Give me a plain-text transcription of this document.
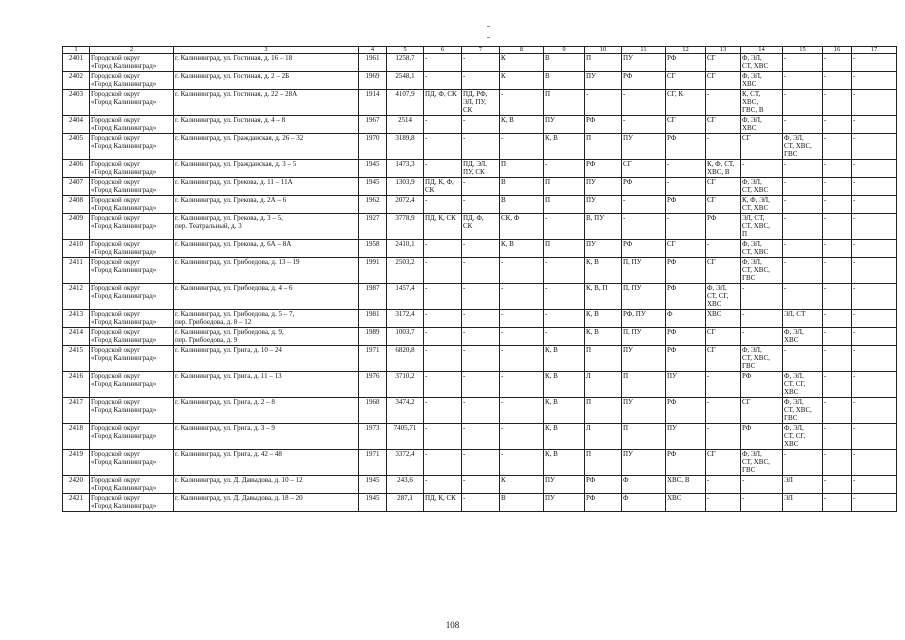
1	2	3	4	5	6	7	8	9	10	11	12	13	14	15	16	17
2401	Городской округ
«Город Калининград»	г. Калининград, ул. Гостиная, д. 16 – 18	1961	1258,7	-	-	К	В	П	ПУ	РФ	СГ	Ф, ЭЛ,
СТ, ХВС	-	-	-
2402	Городской округ
«Город Калининград»	г. Калининград, ул. Гостиная, д. 2 – 2Б	1969	2548,1	-	-	К	В	ПУ	РФ	СГ	СГ	Ф, ЭЛ,
ХВС	-	-	-
2403	Городской округ
«Город Калининград»	г. Калининград, ул. Гостиная, д. 22 – 28А	1914	4107,9	ПД, Ф, СК	ПД, РФ,
ЭЛ, ПУ,
СК	-	П	-	-	СГ, К	-	К, СТ,
ХВС,
ГВС, В	-	-	-
2404	Городской округ
«Город Калининград»	г. Калининград, ул. Гостиная, д. 4 – 8	1967	2514	-	-	К, В	ПУ	РФ	-	СГ	СГ	Ф, ЭЛ,
ХВС	-	-	-
2405	Городской округ
«Город Калининград»	г. Калининград, ул. Гражданская, д. 26 – 32	1970	3189,8	-	-	-	К, В	П	ПУ	РФ	-	СГ	Ф, ЭЛ,
СТ, ХВС,
ГВС	-	-
2406	Городской округ
«Город Калининград»	г. Калининград, ул. Гражданская, д. 3 – 5	1945	1473,3	-	ПД, ЭЛ,
ПУ, СК	П	-	РФ	СГ	-	К, Ф, СТ,
ХВС, В	-	-	-	-
2407	Городской округ
«Город Калининград»	г. Калининград, ул. Грекова, д. 11 – 11А	1945	1303,9	ПД, К, Ф,
СК	-	В	П	ПУ	РФ	-	СГ	Ф, ЭЛ,
СТ, ХВС	-	-	-
2408	Городской округ
«Город Калининград»	г. Калининград, ул. Грекова, д. 2А – 6	1962	2072,4	-	-	В	П	ПУ	-	РФ	СГ	К, Ф, ЭЛ,
СТ, ХВС	-	-	-
2409	Городской округ
«Город Калининград»	г. Калининград, ул. Грекова, д. 3 – 5,
пер. Театральный, д. 3	1927	3778,9	ПД, К, СК	ПД, Ф,
СК	СК, Ф	-	В, ПУ	-	-	РФ	ЭЛ, СТ,
СТ, ХВС,
П	-	-	-
2410	Городской округ
«Город Калининград»	г. Калининград, ул. Грекова, д. 6А – 8А	1958	2410,1	-	-	К, В	П	ПУ	РФ	СГ	-	Ф, ЭЛ,
СТ, ХВС	-	-	-
2411	Городской округ
«Город Калининград»	г. Калининград, ул. Грибоедова, д. 13 – 19	1991	2503,2	-	-	-	-	К, В	П, ПУ	РФ	СГ	Ф, ЭЛ,
СТ, ХВС,
ГВС	-	-	-
2412	Городской округ
«Город Калининград»	г. Калининград, ул. Грибоедова, д. 4 – 6	1987	1457,4	-	-	-	-	К, В, П	П, ПУ	РФ	Ф, ЭЛ,
СТ, СГ,
ХВС	-	-	-	-
2413	Городской округ
«Город Калининград»	г. Калининград, ул. Грибоедова, д. 5 – 7,
пер. Грибоедова, д. 8 – 12	1981	3172,4	-	-	-	-	К, В	РФ, ПУ	Ф	ХВС	-	ЭЛ, СТ	-	-
2414	Городской округ
«Город Калининград»	г. Калининград, ул. Грибоедова, д. 9,
пер. Грибоедова, д. 9	1989	1003,7	-	-	-	-	К, В	П, ПУ	РФ	СГ	-	Ф, ЭЛ,
ХВС	-	-
2415	Городской округ
«Город Калининград»	г. Калининград, ул. Грига, д. 10 – 24	1971	6820,8	-	-	-	К, В	П	ПУ	РФ	СГ	Ф, ЭЛ,
СТ, ХВС,
ГВС	-	-	-
2416	Городской округ
«Город Калининград»	г. Калининград, ул. Грига, д. 11 – 13	1976	3710,2	-	-	-	К, В	Л	П	ПУ	-	РФ	Ф, ЭЛ,
СТ, СГ,
ХВС	-	-
2417	Городской округ
«Город Калининград»	г. Калининград, ул. Грига, д. 2 – 8	1968	3474,2	-	-	-	К, В	П	ПУ	РФ	-	СГ	Ф, ЭЛ,
СТ, ХВС,
ГВС	-	-
2418	Городской округ
«Город Калининград»	г. Калининград, ул. Грига, д. 3 – 9	1973	7405,71	-	-	-	К, В	Л	П	ПУ	-	РФ	Ф, ЭЛ,
СТ, СГ,
ХВС	-	-
2419	Городской округ
«Город Калининград»	г. Калининград, ул. Грига, д. 42 – 48	1971	3372,4	-	-	-	К, В	П	ПУ	РФ	СГ	Ф, ЭЛ,
СТ, ХВС,
ГВС	-	-	-
2420	Городской округ
«Город Калининград»	г. Калининград, ул. Д. Давыдова, д. 10 – 12	1945	243,6	-	-	К	ПУ	РФ	Ф	ХВС, В	-	-	ЭЛ	-	-
2421	Городской округ
«Город Калининград»	г. Калининград, ул. Д. Давыдова, д. 18 – 20	1945	287,1	ПД, К, СК	-	В	ПУ	РФ	Ф	ХВС	-	-	ЭЛ	-	-
108
